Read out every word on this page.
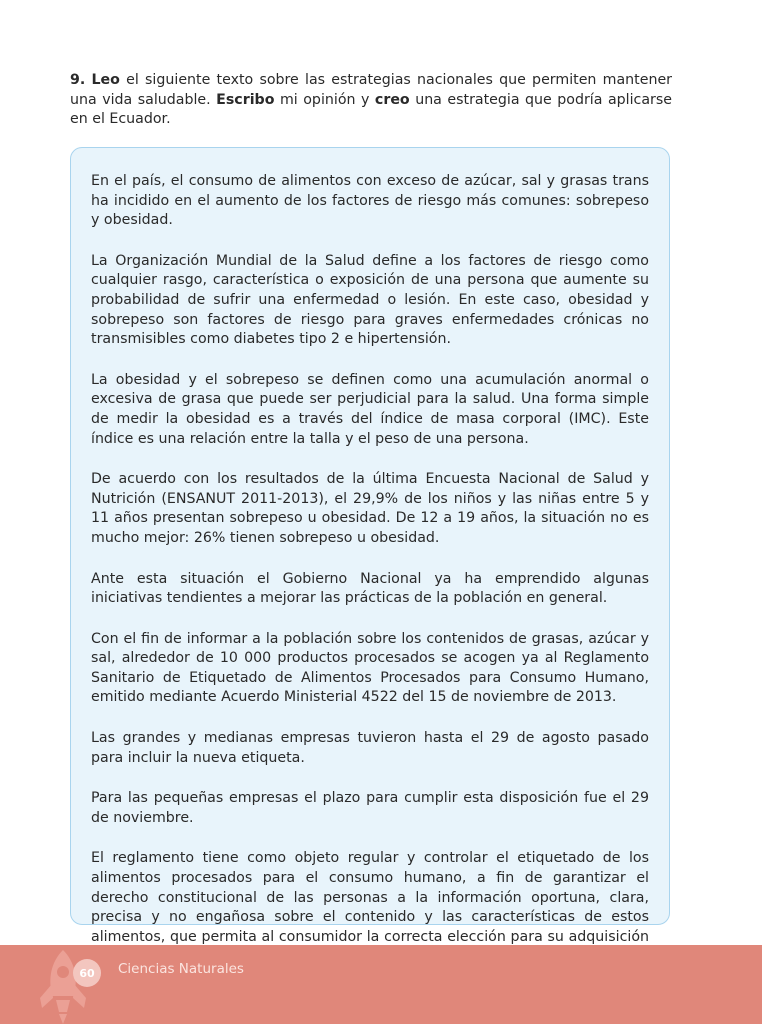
9. Leo el siguiente texto sobre las estrategias nacionales que permiten mantener una vida saludable. Escribo mi opinión y creo una estrategia que podría aplicarse en el Ecuador.

En el país, el consumo de alimentos con exceso de azúcar, sal y grasas trans ha incidido en el aumento de los factores de riesgo más comunes: sobrepeso y obesidad.

La Organización Mundial de la Salud define a los factores de riesgo como cualquier rasgo, característica o exposición de una persona que aumente su probabilidad de sufrir una enfermedad o lesión. En este caso, obesidad y sobrepeso son factores de riesgo para graves enfermedades crónicas no transmisibles como diabetes tipo 2 e hipertensión.

La obesidad y el sobrepeso se definen como una acumulación anormal o excesiva de grasa que puede ser perjudicial para la salud. Una forma simple de medir la obesidad es a través del índice de masa corporal (IMC). Este índice es una relación entre la talla y el peso de una persona.

De acuerdo con los resultados de la última Encuesta Nacional de Salud y Nutrición (ENSANUT 2011-2013), el 29,9% de los niños y las niñas entre 5 y 11 años presentan sobrepeso u obesidad. De 12 a 19 años, la situación no es mucho mejor: 26% tienen sobrepeso u obesidad.

Ante esta situación el Gobierno Nacional ya ha emprendido algunas iniciativas tendientes a mejorar las prácticas de la población en general.

Con el fin de informar a la población sobre los contenidos de grasas, azúcar y sal, alrededor de 10 000 productos procesados se acogen ya al Reglamento Sanitario de Etiquetado de Alimentos Procesados para Consumo Humano, emitido mediante Acuerdo Ministerial 4522 del 15 de noviembre de 2013.

Las grandes y medianas empresas tuvieron hasta el 29 de agosto pasado para incluir la nueva etiqueta.

Para las pequeñas empresas el plazo para cumplir esta disposición fue el 29 de noviembre.

El reglamento tiene como objeto regular y controlar el etiquetado de los alimentos procesados para el consumo humano, a fin de garantizar el derecho constitucional de las personas a la información oportuna, clara, precisa y no engañosa sobre el contenido y las características de estos alimentos, que permita al consumidor la correcta elección para su adquisición

60	Ciencias Naturales
